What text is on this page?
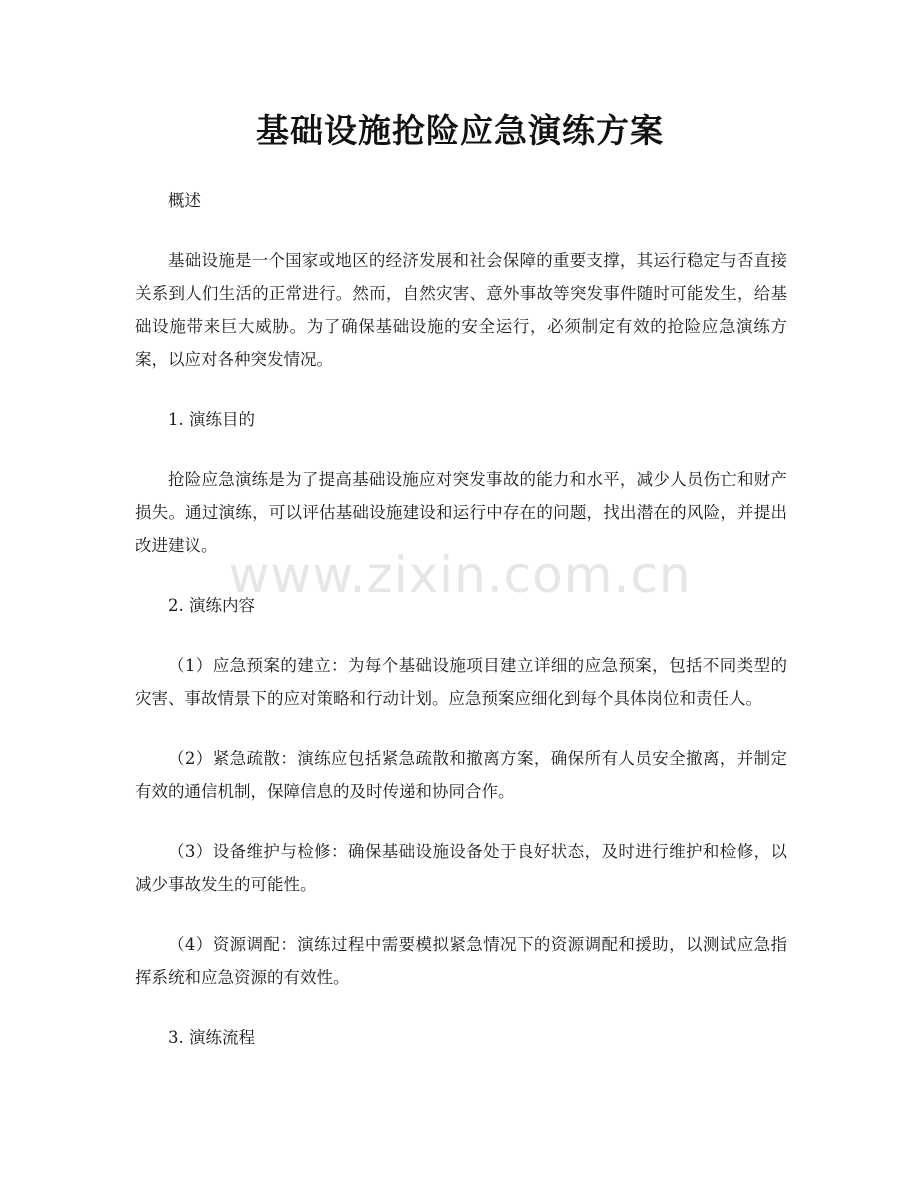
基础设施抢险应急演练方案

概述

基础设施是一个国家或地区的经济发展和社会保障的重要支撑，其运行稳定与否直接关系到人们生活的正常进行。然而，自然灾害、意外事故等突发事件随时可能发生，给基础设施带来巨大威胁。为了确保基础设施的安全运行，必须制定有效的抢险应急演练方案，以应对各种突发情况。

1. 演练目的

抢险应急演练是为了提高基础设施应对突发事故的能力和水平，减少人员伤亡和财产损失。通过演练，可以评估基础设施建设和运行中存在的问题，找出潜在的风险，并提出改进建议。

2. 演练内容

（1）应急预案的建立：为每个基础设施项目建立详细的应急预案，包括不同类型的灾害、事故情景下的应对策略和行动计划。应急预案应细化到每个具体岗位和责任人。

（2）紧急疏散：演练应包括紧急疏散和撤离方案，确保所有人员安全撤离，并制定有效的通信机制，保障信息的及时传递和协同合作。

（3）设备维护与检修：确保基础设施设备处于良好状态，及时进行维护和检修，以减少事故发生的可能性。

（4）资源调配：演练过程中需要模拟紧急情况下的资源调配和援助，以测试应急指挥系统和应急资源的有效性。

3. 演练流程

www.zixin.com.cn
